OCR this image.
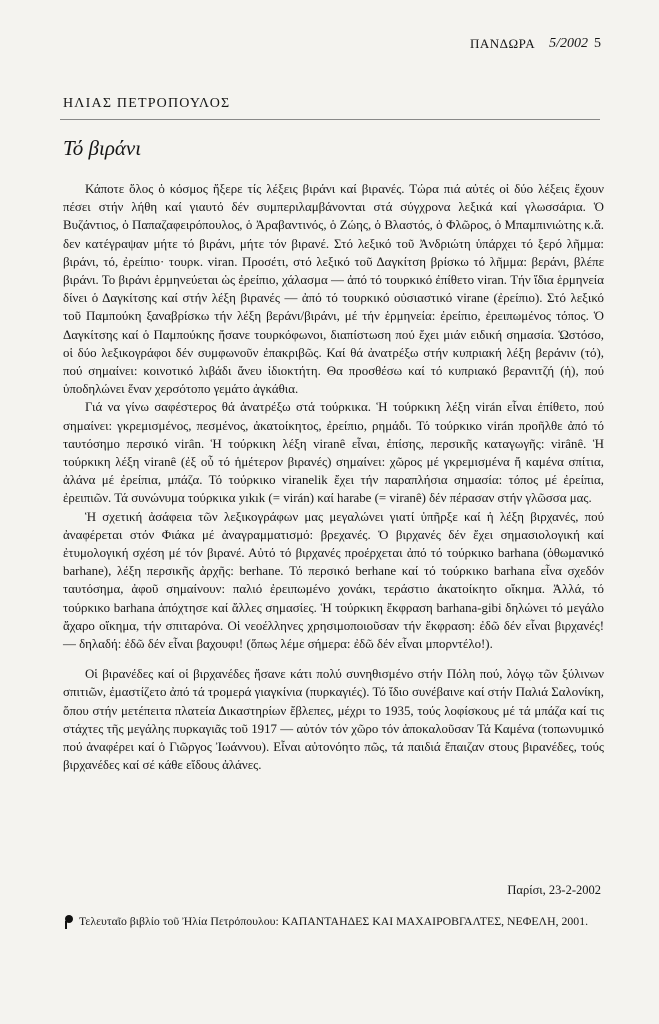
ΠΑΝΔΩΡΑ 5/2002 5
ΗΛΙΑΣ ΠΕΤΡΟΠΟΥΛΟΣ
Τό βιράνι

Κάποτε ὅλος ὁ κόσμος ἤξερε τίς λέξεις βιράνι καί βιρανές. Τώρα πιά αὐτές οἱ δύο λέξεις ἔχουν πέσει στήν λήθη καί γιαυτό δέν συμπεριλαμβάνονται στά σύγχρονα λεξικά καί γλωσσάρια. Ὁ Βυζάντιος, ὁ Παπαζαφειρόπουλος, ὁ Ἀραβαντινός, ὁ Ζώης, ὁ Βλαστός, ὁ Φλῶρος, ὁ Μπαμπινιώτης κ.ἄ. δεν κατέγραψαν μήτε τό βιράνι, μήτε τόν βιρανέ. Στό λεξικό τοῦ Ἀνδριώτη ὑπάρχει τό ξερό λῆμμα: βιράνι, τό, ἐρείπιο· τουρκ. viran. Προσέτι, στό λεξικό τοῦ Δαγκίτση βρίσκω τό λῆμμα: βεράνι, βλέπε βιράνι. Το βιράνι ἑρμηνεύεται ὡς ἐρείπιο, χάλασμα — ἀπό τό τουρκικό ἐπίθετο viran. Τήν ἴδια ἑρμηνεία δίνει ὁ Δαγκίτσης καί στήν λέξη βιρανές — ἀπό τό τουρκικό οὐσιαστικό virane (ἐρείπιο). Στό λεξικό τοῦ Παμπούκη ξαναβρίσκω τήν λέξη βεράνι/βιράνι, μέ τήν ἑρμηνεία: ἐρείπιο, ἐρειπωμένος τόπος. Ὁ Δαγκίτσης καί ὁ Παμπούκης ἤσανε τουρκόφωνοι, διαπίστωση πού ἔχει μιάν ειδική σημασία. Ὡστόσο, οἱ δύο λεξικογράφοι δέν συμφωνοῦν ἐπακριβῶς. Καί θά ἀνατρέξω στήν κυπριακή λέξη βεράνιν (τό), πού σημαίνει: κοινοτικό λιβάδι ἄνευ ἰδιοκτήτη. Θα προσθέσω καί τό κυπριακό βερανιτζή (ἡ), πού ὑποδηλώνει ἕναν χερσότοπο γεμάτο ἀγκάθια.

Γιά να γίνω σαφέστερος θά ἀνατρέξω στά τούρκικα. Ἡ τούρκικη λέξη virán εἶναι ἐπίθετο, πού σημαίνει: γκρεμισμένος, πεσμένος, ἀκατοίκητος, ἐρείπιο, ρημάδι. Τό τούρκικο virán προῆλθε ἀπό τό ταυτόσημο περσικό virân. Ἡ τούρκικη λέξη viranê εἶναι, ἐπίσης, περσικῆς καταγωγῆς: virânê. Ἡ τούρκικη λέξη viranê (ἐξ οὗ τό ἡμέτερον βιρανές) σημαίνει: χῶρος μέ γκρεμισμένα ἤ καμένα σπίτια, ἀλάνα μέ ἐρείπια, μπάζα. Τό τούρκικο viranelik ἔχει τήν παραπλήσια σημασία: τόπος μέ ἐρείπια, ἐρειπιῶν. Τά συνώνυμα τούρκικα yıkık (= virán) καί harabe (= viranê) δέν πέρασαν στήν γλῶσσα μας.

Ἡ σχετική ἀσάφεια τῶν λεξικογράφων μας μεγαλώνει γιατί ὑπῆρξε καί ἡ λέξη βιρχανές, πού ἀναφέρεται στόν Φιάκα μέ ἀναγραμματισμό: βρεχανές. Ὁ βιρχανές δέν ἔχει σημασιολογική καί ἐτυμολογική σχέση μέ τόν βιρανέ. Αὐτό τό βιρχανές προέρχεται ἀπό τό τούρκικο barhana (ὀθωμανικό barhane), λέξη περσικῆς ἀρχῆς: berhane. Τό περσικό berhane καί τό τούρκικο barhana εἶνα σχεδόν ταυτόσημα, ἀφοῦ σημαίνουν: παλιό ἐρειπωμένο χονάκι, τεράστιο ἀκατοίκητο οἴκημα. Ἀλλά, τό τούρκικο barhana ἀπόχτησε καί ἄλλες σημασίες. Ἡ τούρκικη ἔκφραση barhana-gibi δηλώνει τό μεγάλο ἄχαρο οἴκημα, τήν σπιταρόνα. Οἱ νεοέλληνες χρησιμοποιοῦσαν τήν ἔκφραση: ἐδῶ δέν εἶναι βιρχανές! — δηλαδή: ἐδῶ δέν εἶναι βαχουφι! (ὅπως λέμε σήμερα: ἐδῶ δέν εἶναι μπορντέλο!).

Οἱ βιρανέδες καί οἱ βιρχανέδες ἤσανε κάτι πολύ συνηθισμένο στήν Πόλη πού, λόγῳ τῶν ξύλινων σπιτιῶν, ἐμαστίζετο ἀπό τά τρομερά γιαγκίνια (πυρκαγιές). Τό ἴδιο συνέβαινε καί στήν Παλιά Σαλονίκη, ὅπου στήν μετέπειτα πλατεία Δικαστηρίων ἔβλεπες, μέχρι το 1935, τούς λοφίσκους μέ τά μπάζα καί τις στάχτες τῆς μεγάλης πυρκαγιᾶς τοῦ 1917 — αὐτόν τόν χῶρο τόν ἀποκαλοῦσαν Τά Καμένα (τοπωνυμικό πού ἀναφέρει καί ὁ Γιῶργος Ἰωάννου). Εἶναι αὐτονόητο πῶς, τά παιδιά ἔπαιζαν στους βιρανέδες, τούς βιρχανέδες καί σέ κάθε εἴδους ἀλάνες.

Παρίσι, 23-2-2002
Τελευταῖο βιβλίο τοῦ Ἠλία Πετρόπουλου: ΚΑΠΑΝΤΑΗΔΕΣ ΚΑΙ ΜΑΧΑΙΡΟΒΓΑΛΤΕΣ, ΝΕΦΕΛΗ, 2001.
